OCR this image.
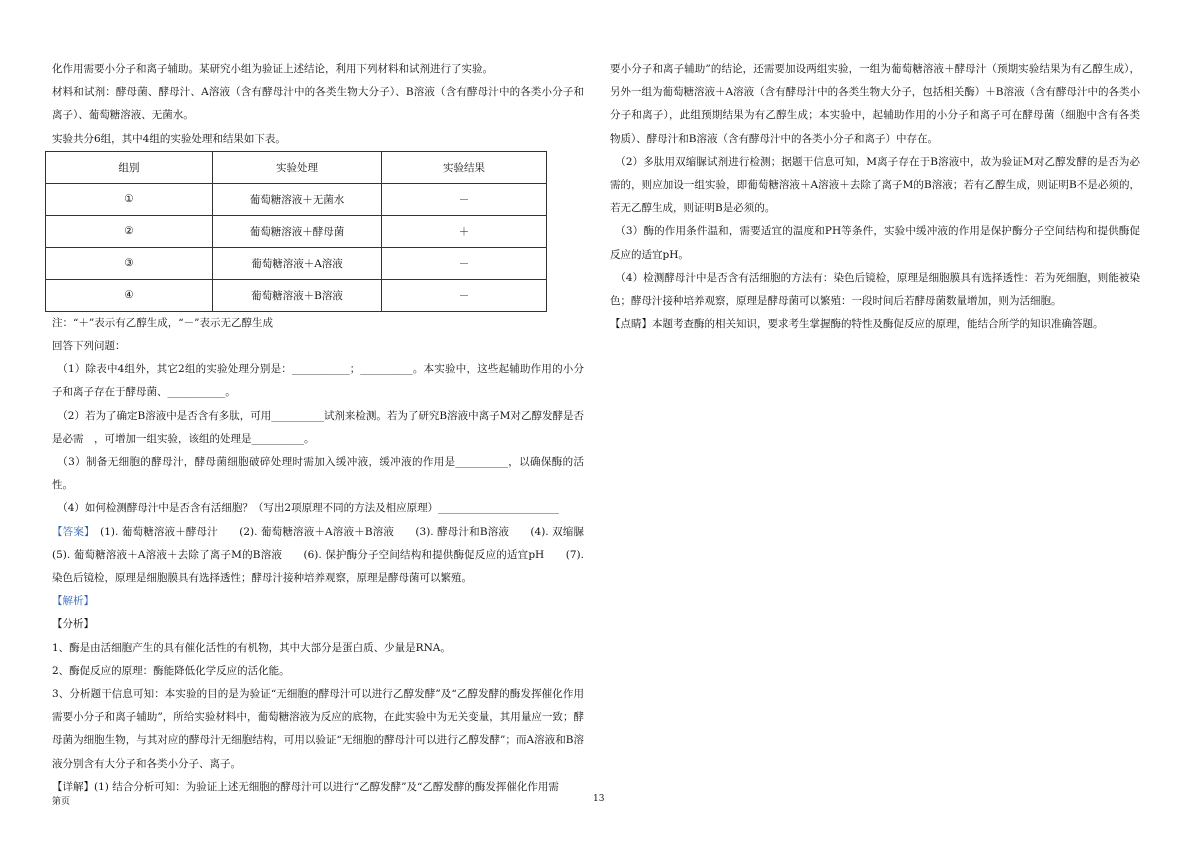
化作用需要小分子和离子辅助。某研究小组为验证上述结论，利用下列材料和试剂进行了实验。

材料和试剂：酵母菌、酵母汁、A溶液（含有酵母汁中的各类生物大分子）、B溶液（含有酵母汁中的各类小分子和离子）、葡萄糖溶液、无菌水。

实验共分6组，其中4组的实验处理和结果如下表。

组别	实验处理	实验结果
①	葡萄糖溶液＋无菌水	－
②	葡萄糖溶液＋酵母菌	＋
③	葡萄糖溶液＋A溶液	－
④	葡萄糖溶液＋B溶液	－

注：“＋”表示有乙醇生成，“－”表示无乙醇生成

回答下列问题：

（1）除表中4组外，其它2组的实验处理分别是：___________；__________。本实验中，这些起辅助作用的小分子和离子存在于酵母菌、___________。

（2）若为了确定B溶液中是否含有多肽，可用__________试剂来检测。若为了研究B溶液中离子M对乙醇发酵是否是必需　，可增加一组实验，该组的处理是__________。

（3）制备无细胞的酵母汁，酵母菌细胞破碎处理时需加入缓冲液，缓冲液的作用是__________，以确保酶的活性。

（4）如何检测酵母汁中是否含有活细胞？（写出2项原理不同的方法及相应原理）_______________________

【答案】　(1). 葡萄糖溶液＋酵母汁　　(2). 葡萄糖溶液＋A溶液＋B溶液　　(3). 酵母汁和B溶液　　(4). 双缩脲　　(5). 葡萄糖溶液＋A溶液＋去除了离子M的B溶液　　(6). 保护酶分子空间结构和提供酶促反应的适宜pH　　(7). 染色后镜检，原理是细胞膜具有选择透性；酵母汁接种培养观察，原理是酵母菌可以繁殖。

【解析】

【分析】

1、酶是由活细胞产生的具有催化活性的有机物，其中大部分是蛋白质、少量是RNA。

2、酶促反应的原理：酶能降低化学反应的活化能。

3、分析题干信息可知：本实验的目的是为验证“无细胞的酵母汁可以进行乙醇发酵”及“乙醇发酵的酶发挥催化作用需要小分子和离子辅助”，所给实验材料中，葡萄糖溶液为反应的底物，在此实验中为无关变量，其用量应一致；酵母菌为细胞生物，与其对应的酵母汁无细胞结构，可用以验证“无细胞的酵母汁可以进行乙醇发酵”；而A溶液和B溶液分别含有大分子和各类小分子、离子。

【详解】(1) 结合分析可知：为验证上述无细胞的酵母汁可以进行“乙醇发酵”及“乙醇发酵的酶发挥催化作用需

要小分子和离子辅助”的结论，还需要加设两组实验，一组为葡萄糖溶液＋酵母汁（预期实验结果为有乙醇生成），另外一组为葡萄糖溶液＋A溶液（含有酵母汁中的各类生物大分子，包括相关酶）＋B溶液（含有酵母汁中的各类小分子和离子），此组预期结果为有乙醇生成；本实验中，起辅助作用的小分子和离子可在酵母菌（细胞中含有各类物质）、酵母汁和B溶液（含有酵母汁中的各类小分子和离子）中存在。

（2）多肽用双缩脲试剂进行检测；据题干信息可知，M离子存在于B溶液中，故为验证M对乙醇发酵的是否为必需的，则应加设一组实验，即葡萄糖溶液＋A溶液＋去除了离子M的B溶液；若有乙醇生成，则证明B不是必须的，若无乙醇生成，则证明B是必须的。

（3）酶的作用条件温和，需要适宜的温度和PH等条件，实验中缓冲液的作用是保护酶分子空间结构和提供酶促反应的适宜pH。

（4）检测酵母汁中是否含有活细胞的方法有：染色后镜检，原理是细胞膜具有选择透性：若为死细胞，则能被染色；酵母汁接种培养观察，原理是酵母菌可以繁殖：一段时间后若酵母菌数量增加，则为活细胞。

【点睛】本题考查酶的相关知识，要求考生掌握酶的特性及酶促反应的原理，能结合所学的知识准确答题。

第页	13
